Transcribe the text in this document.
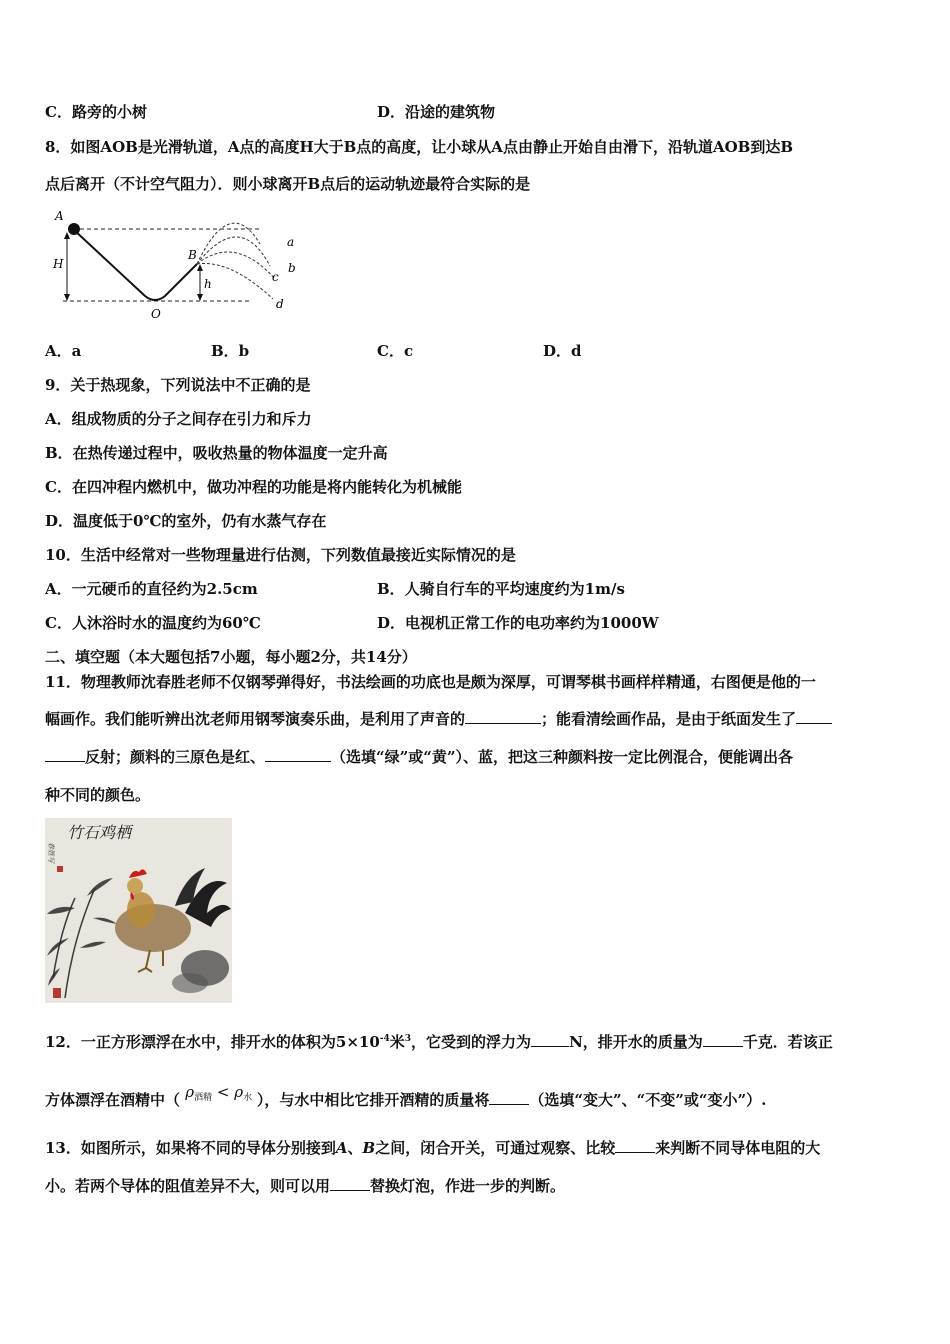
C．路旁的小树	D．沿途的建筑物
8．如图AOB是光滑轨道，A点的高度H大于B点的高度，让小球从A点由静止开始自由滑下，沿轨道AOB到达B
点后离开（不计空气阻力）．则小球离开B点后的运动轨迹最符合实际的是
A
H
B
h
O
a
b
c
d
A．a	B．b	C．c	D．d
9．关于热现象，下列说法中不正确的是
A．组成物质的分子之间存在引力和斥力
B．在热传递过程中，吸收热量的物体温度一定升高
C．在四冲程内燃机中，做功冲程的功能是将内能转化为机械能
D．温度低于0℃的室外，仍有水蒸气存在
10．生活中经常对一些物理量进行估测，下列数值最接近实际情况的是
A．一元硬币的直径约为2.5cm	B．人骑自行车的平均速度约为1m/s
C．人沐浴时水的温度约为60℃	D．电视机正常工作的电功率约为1000W
二、填空题（本大题包括7小题，每小题2分，共14分）
11．物理教师沈春胜老师不仅钢琴弹得好，书法绘画的功底也是颇为深厚，可谓琴棋书画样样精通，右图便是他的一
幅画作。我们能听辨出沈老师用钢琴演奏乐曲，是利用了声音的	；能看清绘画作品，是由于纸面发生了
反射；颜料的三原色是红、	（选填“绿”或“黄”）、蓝，把这三种颜料按一定比例混合，便能调出各
种不同的颜色。
竹石鸡栖
春胜写
12．一正方形漂浮在水中，排开水的体积为$5\times 10^{-4}$米$^3$，它受到的浮力为	N，排开水的质量为	千克．若该正
方体漂浮在酒精中（ $\rho_{酒精} < \rho_水$ ），与水中相比它排开酒精的质量将	（选填“变大”、“不变”或“变小”）.
13．如图所示，如果将不同的导体分别接到A、B之间，闭合开关，可通过观察、比较	来判断不同导体电阻的大
小。若两个导体的阻值差异不大，则可以用	替换灯泡，作进一步的判断。
